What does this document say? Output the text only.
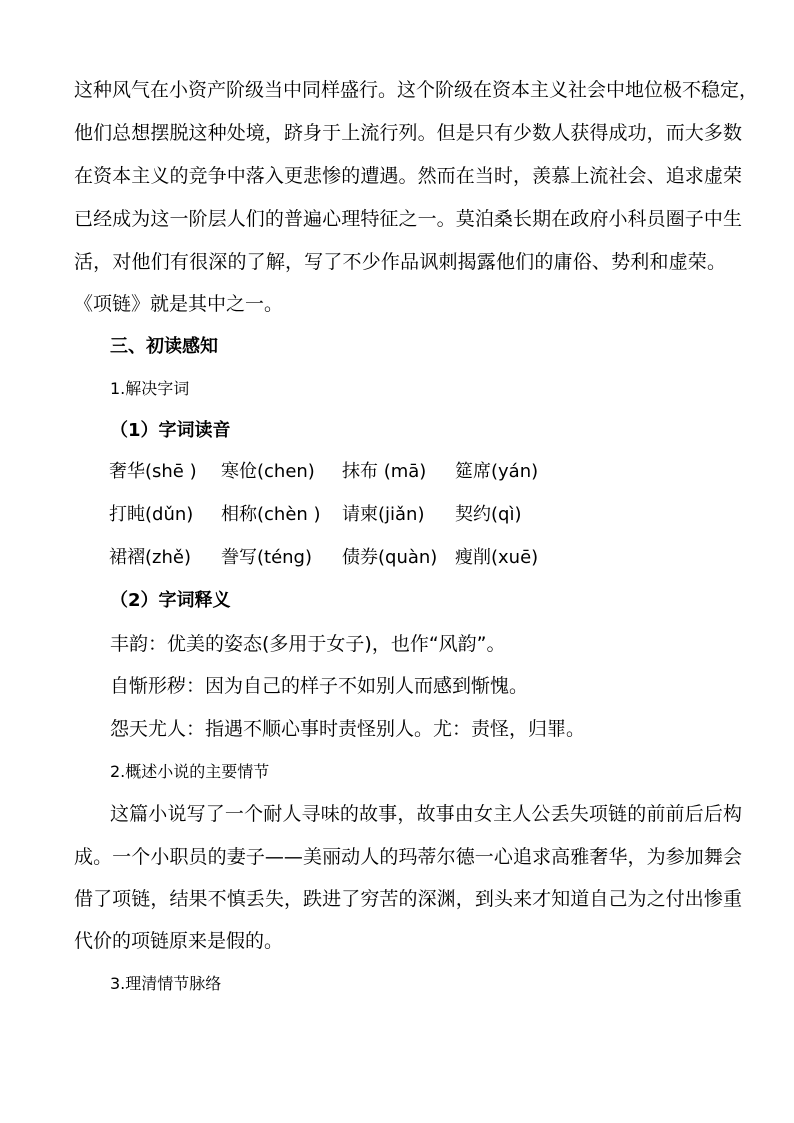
这种风气在小资产阶级当中同样盛行。这个阶级在资本主义社会中地位极不稳定，
他们总想摆脱这种处境，跻身于上流行列。但是只有少数人获得成功，而大多数
在资本主义的竞争中落入更悲惨的遭遇。然而在当时，羡慕上流社会、追求虚荣
已经成为这一阶层人们的普遍心理特征之一。莫泊桑长期在政府小科员圈子中生
活，对他们有很深的了解，写了不少作品讽刺揭露他们的庸俗、势利和虚荣。
《项链》就是其中之一。
三、初读感知
1.解决字词
（1）字词读音
奢华(shē ) 寒伧(chen) 抹布 (mā) 筵席(yán)
打盹(dǔn) 相称(chèn ) 请柬(jiǎn) 契约(qì)
裙褶(zhě) 誊写(téng) 债券(quàn) 瘦削(xuē)
（2）字词释义
丰韵：优美的姿态(多用于女子)，也作“风韵”。
自惭形秽：因为自己的样子不如别人而感到惭愧。
怨天尤人：指遇不顺心事时责怪别人。尤：责怪，归罪。
2.概述小说的主要情节
这篇小说写了一个耐人寻味的故事，故事由女主人公丢失项链的前前后后构
成。一个小职员的妻子——美丽动人的玛蒂尔德一心追求高雅奢华，为参加舞会
借了项链，结果不慎丢失，跌进了穷苦的深渊，到头来才知道自己为之付出惨重
代价的项链原来是假的。
3.理清情节脉络
